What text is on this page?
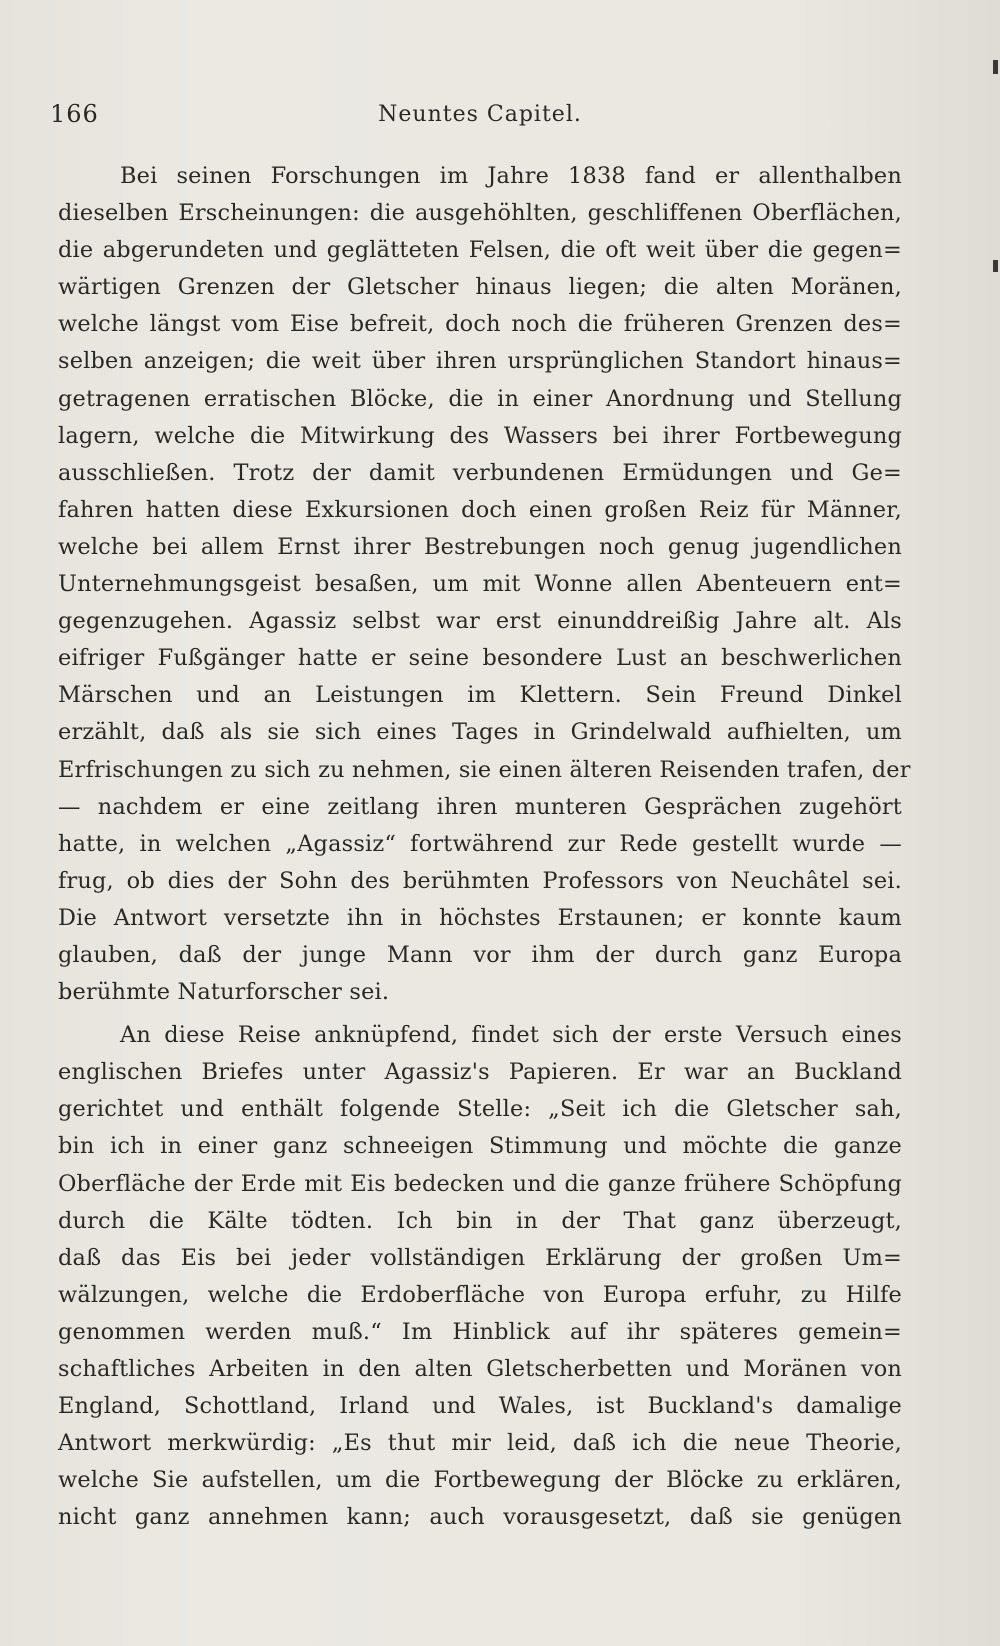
166	Neuntes Capitel.
Bei seinen Forschungen im Jahre 1838 fand er allenthalben
dieselben Erscheinungen: die ausgehöhlten, geschliffenen Oberflächen,
die abgerundeten und geglätteten Felsen, die oft weit über die gegen=
wärtigen Grenzen der Gletscher hinaus liegen; die alten Moränen,
welche längst vom Eise befreit, doch noch die früheren Grenzen des=
selben anzeigen; die weit über ihren ursprünglichen Standort hinaus=
getragenen erratischen Blöcke, die in einer Anordnung und Stellung
lagern, welche die Mitwirkung des Wassers bei ihrer Fortbewegung
ausschließen. Trotz der damit verbundenen Ermüdungen und Ge=
fahren hatten diese Exkursionen doch einen großen Reiz für Männer,
welche bei allem Ernst ihrer Bestrebungen noch genug jugendlichen
Unternehmungsgeist besaßen, um mit Wonne allen Abenteuern ent=
gegenzugehen. Agassiz selbst war erst einunddreißig Jahre alt. Als
eifriger Fußgänger hatte er seine besondere Lust an beschwerlichen
Märschen und an Leistungen im Klettern. Sein Freund Dinkel
erzählt, daß als sie sich eines Tages in Grindelwald aufhielten, um
Erfrischungen zu sich zu nehmen, sie einen älteren Reisenden trafen, der
— nachdem er eine zeitlang ihren munteren Gesprächen zugehört
hatte, in welchen „Agassiz“ fortwährend zur Rede gestellt wurde —
frug, ob dies der Sohn des berühmten Professors von Neuchâtel sei.
Die Antwort versetzte ihn in höchstes Erstaunen; er konnte kaum
glauben, daß der junge Mann vor ihm der durch ganz Europa
berühmte Naturforscher sei.
An diese Reise anknüpfend, findet sich der erste Versuch eines
englischen Briefes unter Agassiz's Papieren. Er war an Buckland
gerichtet und enthält folgende Stelle: „Seit ich die Gletscher sah,
bin ich in einer ganz schneeigen Stimmung und möchte die ganze
Oberfläche der Erde mit Eis bedecken und die ganze frühere Schöpfung
durch die Kälte tödten. Ich bin in der That ganz überzeugt,
daß das Eis bei jeder vollständigen Erklärung der großen Um=
wälzungen, welche die Erdoberfläche von Europa erfuhr, zu Hilfe
genommen werden muß.“ Im Hinblick auf ihr späteres gemein=
schaftliches Arbeiten in den alten Gletscherbetten und Moränen von
England, Schottland, Irland und Wales, ist Buckland's damalige
Antwort merkwürdig: „Es thut mir leid, daß ich die neue Theorie,
welche Sie aufstellen, um die Fortbewegung der Blöcke zu erklären,
nicht ganz annehmen kann; auch vorausgesetzt, daß sie genügen
